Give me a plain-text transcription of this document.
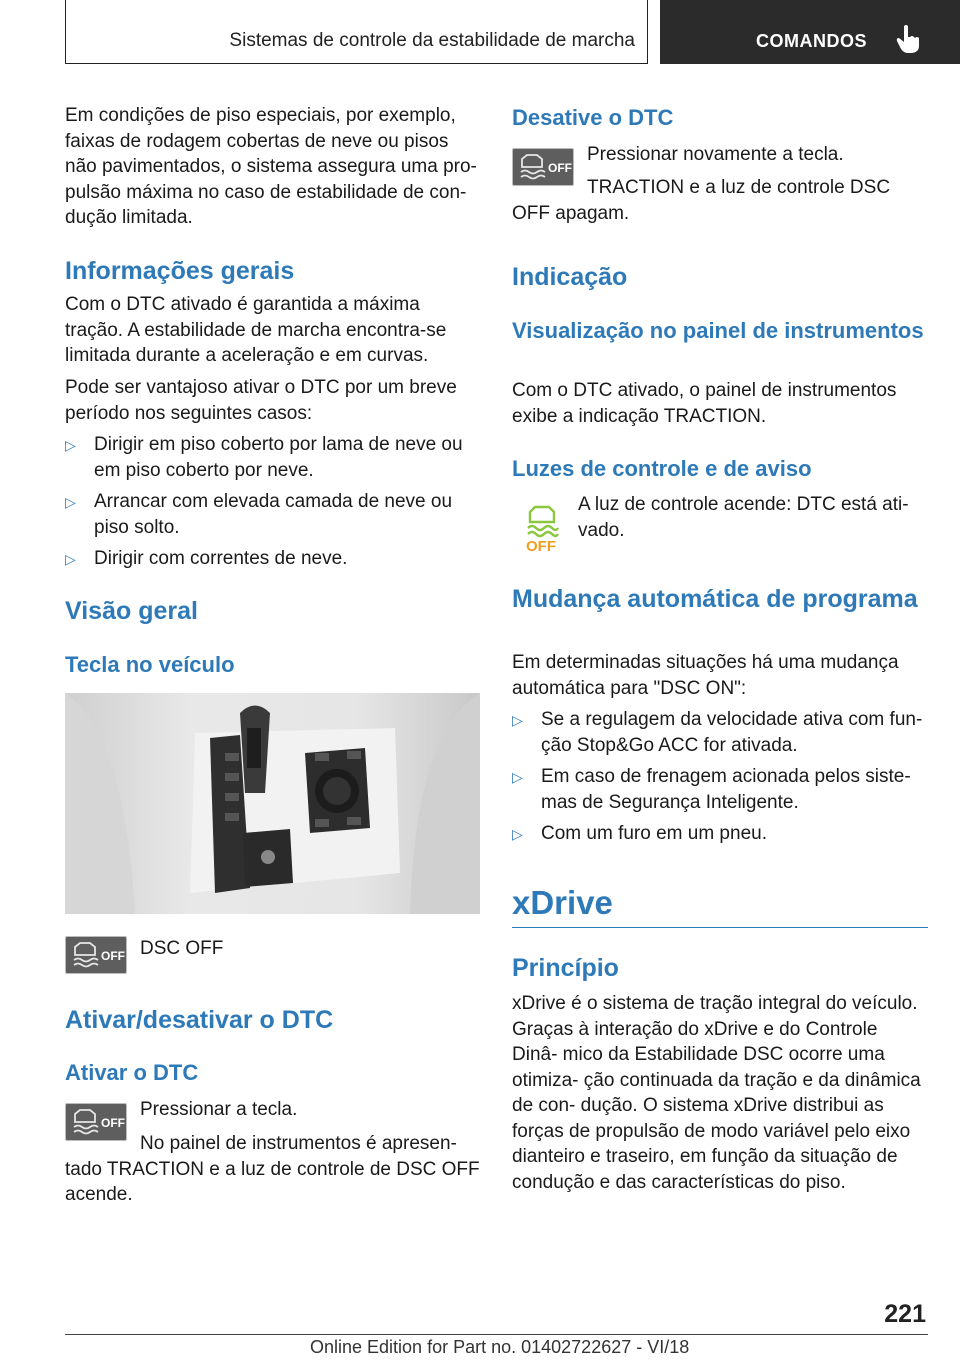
Sistemas de controle da estabilidade de marcha	COMANDOS

Em condições de piso especiais, por exemplo, faixas de rodagem cobertas de neve ou pisos não pavimentados, o sistema assegura uma pro- pulsão máxima no caso de estabilidade de con- dução limitada.

Informações gerais

Com o DTC ativado é garantida a máxima tração. A estabilidade de marcha encontra-se limitada durante a aceleração e em curvas.

Pode ser vantajoso ativar o DTC por um breve período nos seguintes casos:

▷ Dirigir em piso coberto por lama de neve ou em piso coberto por neve.
▷ Arrancar com elevada camada de neve ou piso solto.
▷ Dirigir com correntes de neve.
Visão geral
Tecla no veículo
OFF DSC OFF

Ativar/desativar o DTC
Ativar o DTC
OFF

Pressionar a tecla.

No painel de instrumentos é apresen- tado TRACTION e a luz de controle de DSC OFF acende.

Desative o DTC
OFF

Pressionar novamente a tecla.

TRACTION e a luz de controle DSC OFF apagam.

Indicação
Visualização no painel de instrumentos

Com o DTC ativado, o painel de instrumentos exibe a indicação TRACTION.

Luzes de controle e de aviso
OFF

A luz de controle acende: DTC está ati- vado.

Mudança automática de programa

Em determinadas situações há uma mudança automática para "DSC ON":

▷ Se a regulagem da velocidade ativa com fun- ção Stop&Go ACC for ativada.
▷ Em caso de frenagem acionada pelos siste- mas de Segurança Inteligente.
▷ Com um furo em um pneu.
xDrive
Princípio

xDrive é o sistema de tração integral do veículo. Graças à interação do xDrive e do Controle Dinâ- mico da Estabilidade DSC ocorre uma otimiza- ção continuada da tração e da dinâmica de con- dução. O sistema xDrive distribui as forças de propulsão de modo variável pelo eixo dianteiro e traseiro, em função da situação de condução e das características do piso.

221
Online Edition for Part no. 01402722627 - VI/18
